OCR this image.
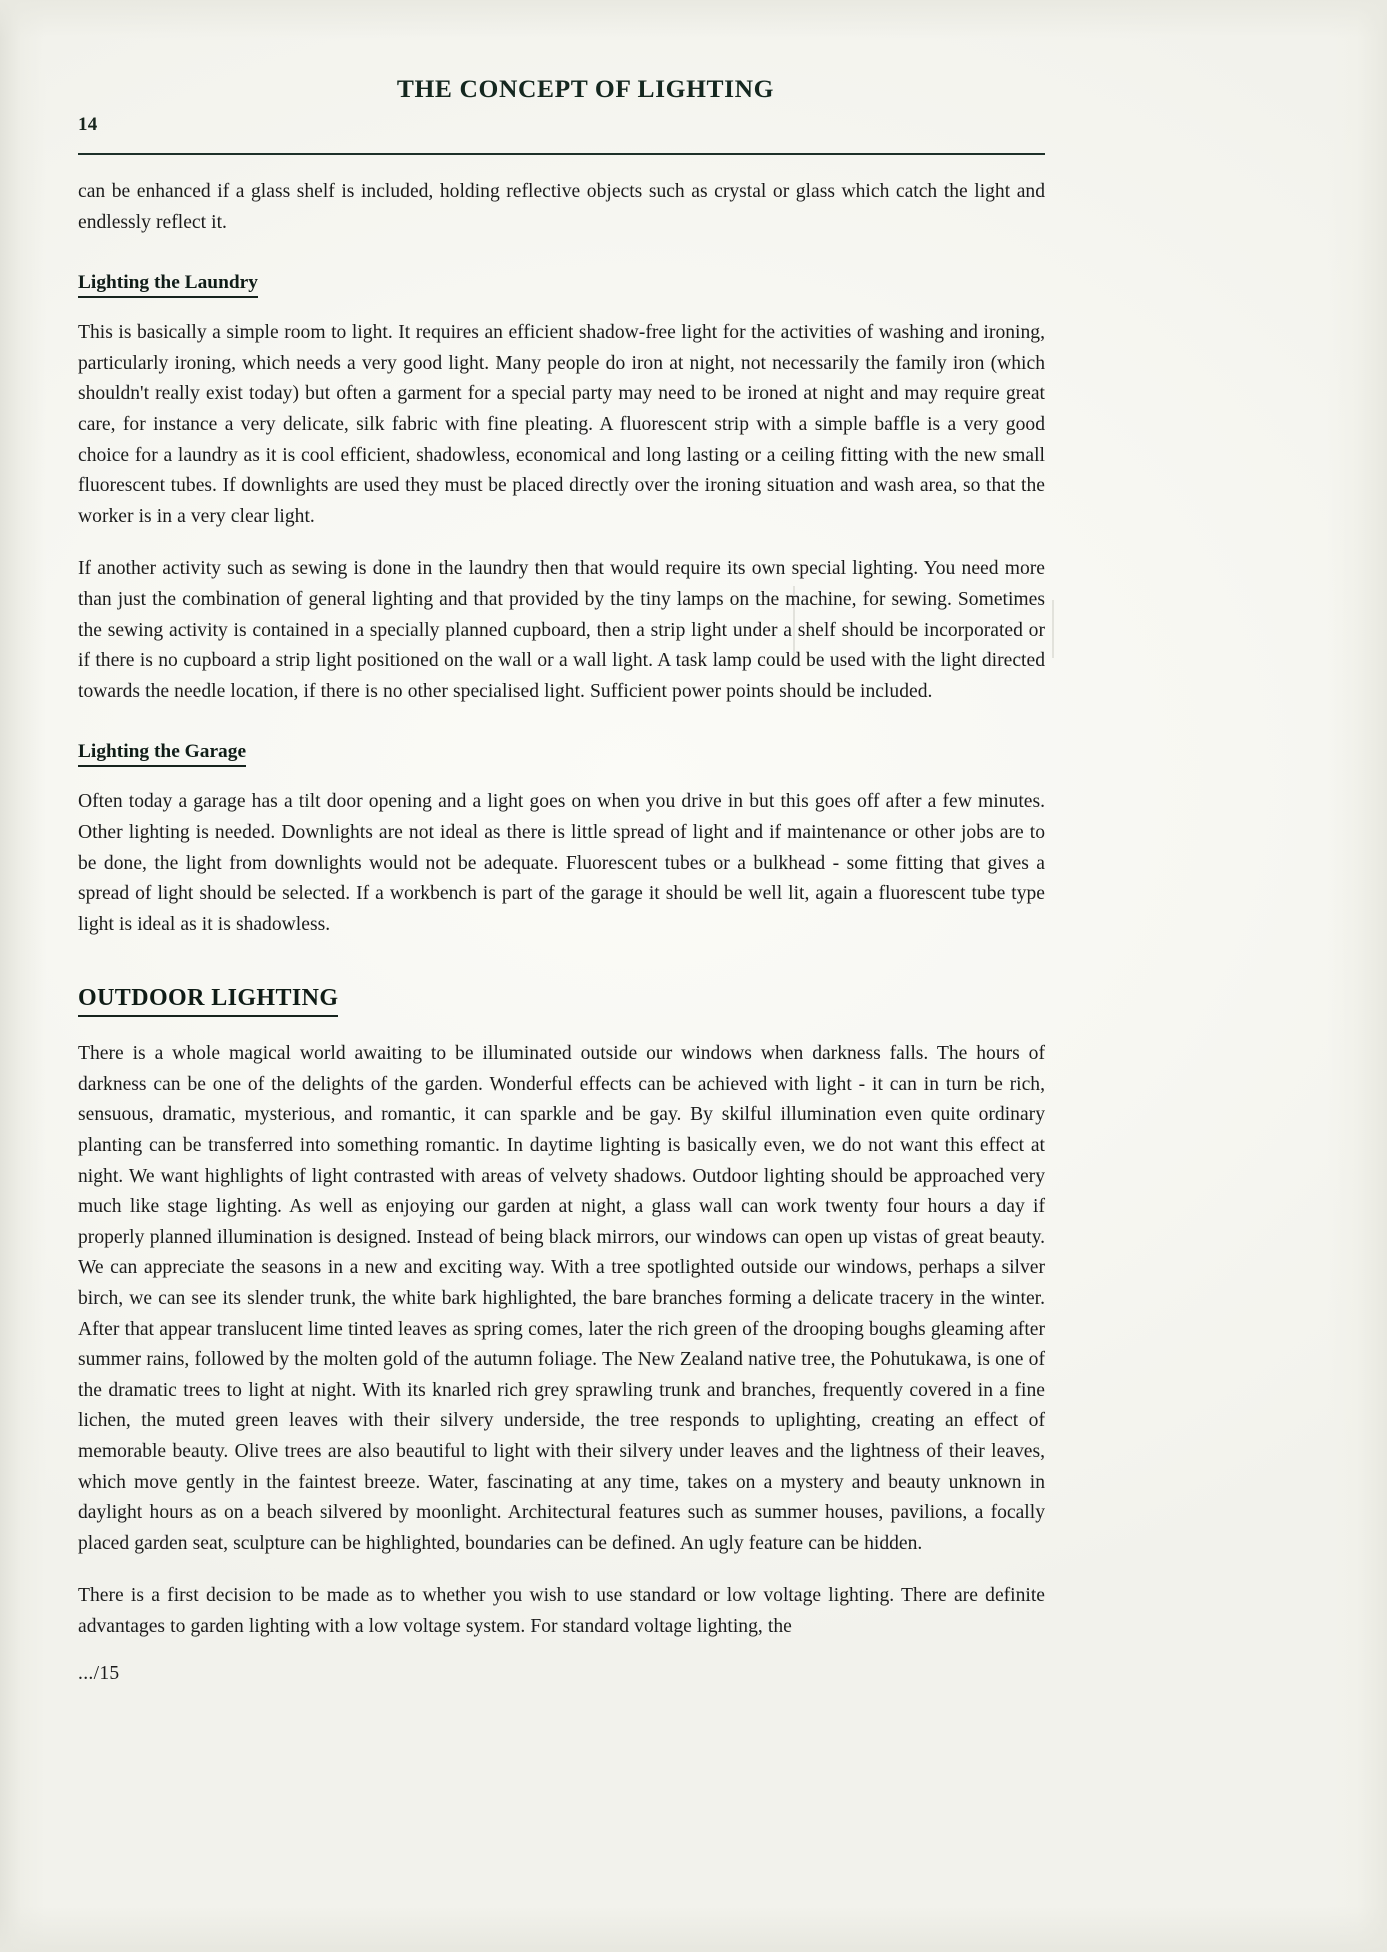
THE CONCEPT OF LIGHTING
14

can be enhanced if a glass shelf is included, holding reflective objects such as crystal or glass which catch the light and endlessly reflect it.

Lighting the Laundry

This is basically a simple room to light. It requires an efficient shadow-free light for the activities of washing and ironing, particularly ironing, which needs a very good light. Many people do iron at night, not necessarily the family iron (which shouldn't really exist today) but often a garment for a special party may need to be ironed at night and may require great care, for instance a very delicate, silk fabric with fine pleating. A fluorescent strip with a simple baffle is a very good choice for a laundry as it is cool efficient, shadowless, economical and long lasting or a ceiling fitting with the new small fluorescent tubes. If downlights are used they must be placed directly over the ironing situation and wash area, so that the worker is in a very clear light.

If another activity such as sewing is done in the laundry then that would require its own special lighting. You need more than just the combination of general lighting and that provided by the tiny lamps on the machine, for sewing. Sometimes the sewing activity is contained in a specially planned cupboard, then a strip light under a shelf should be incorporated or if there is no cupboard a strip light positioned on the wall or a wall light. A task lamp could be used with the light directed towards the needle location, if there is no other specialised light. Sufficient power points should be included.

Lighting the Garage

Often today a garage has a tilt door opening and a light goes on when you drive in but this goes off after a few minutes. Other lighting is needed. Downlights are not ideal as there is little spread of light and if maintenance or other jobs are to be done, the light from downlights would not be adequate. Fluorescent tubes or a bulkhead - some fitting that gives a spread of light should be selected. If a workbench is part of the garage it should be well lit, again a fluorescent tube type light is ideal as it is shadowless.

OUTDOOR LIGHTING

There is a whole magical world awaiting to be illuminated outside our windows when darkness falls. The hours of darkness can be one of the delights of the garden. Wonderful effects can be achieved with light - it can in turn be rich, sensuous, dramatic, mysterious, and romantic, it can sparkle and be gay. By skilful illumination even quite ordinary planting can be transferred into something romantic. In daytime lighting is basically even, we do not want this effect at night. We want highlights of light contrasted with areas of velvety shadows. Outdoor lighting should be approached very much like stage lighting. As well as enjoying our garden at night, a glass wall can work twenty four hours a day if properly planned illumination is designed. Instead of being black mirrors, our windows can open up vistas of great beauty. We can appreciate the seasons in a new and exciting way. With a tree spotlighted outside our windows, perhaps a silver birch, we can see its slender trunk, the white bark highlighted, the bare branches forming a delicate tracery in the winter. After that appear translucent lime tinted leaves as spring comes, later the rich green of the drooping boughs gleaming after summer rains, followed by the molten gold of the autumn foliage. The New Zealand native tree, the Pohutukawa, is one of the dramatic trees to light at night. With its knarled rich grey sprawling trunk and branches, frequently covered in a fine lichen, the muted green leaves with their silvery underside, the tree responds to uplighting, creating an effect of memorable beauty. Olive trees are also beautiful to light with their silvery under leaves and the lightness of their leaves, which move gently in the faintest breeze. Water, fascinating at any time, takes on a mystery and beauty unknown in daylight hours as on a beach silvered by moonlight. Architectural features such as summer houses, pavilions, a focally placed garden seat, sculpture can be highlighted, boundaries can be defined. An ugly feature can be hidden.

There is a first decision to be made as to whether you wish to use standard or low voltage lighting. There are definite advantages to garden lighting with a low voltage system. For standard voltage lighting, the

.../15
